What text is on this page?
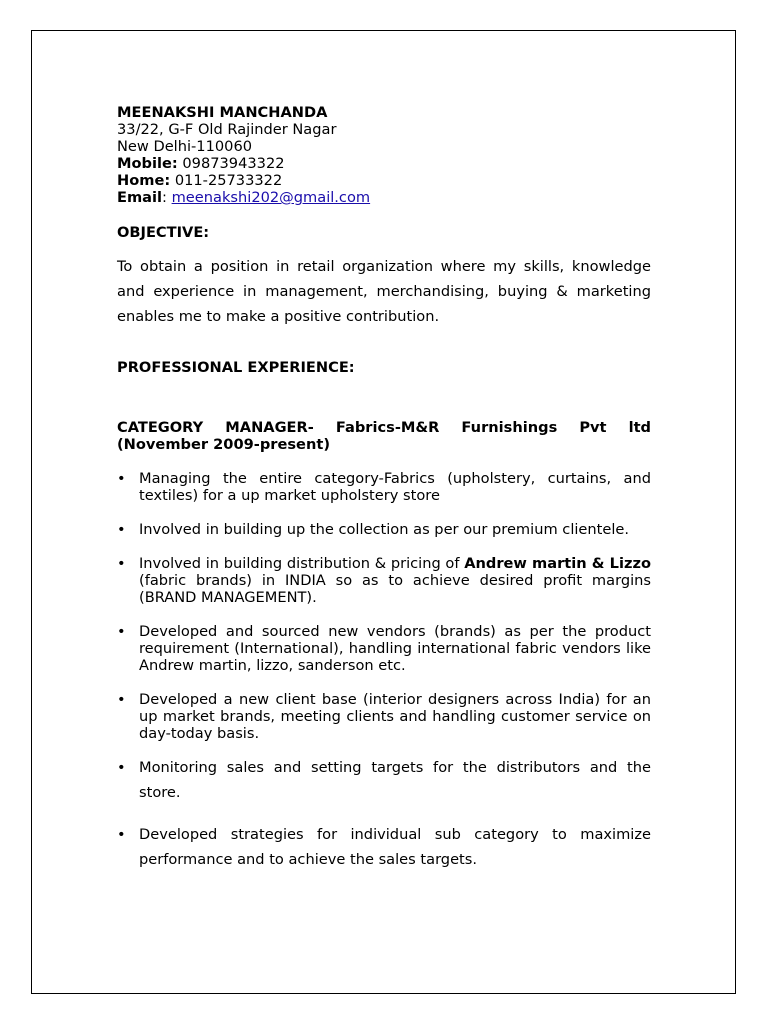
MEENAKSHI MANCHANDA

33/22, G-F Old Rajinder Nagar

New Delhi-110060

Mobile: 09873943322

Home: 011-25733322

Email: meenakshi202@gmail.com

OBJECTIVE:

To obtain a position in retail organization where my skills, knowledge and experience in management, merchandising, buying & marketing enables me to make a positive contribution.

PROFESSIONAL EXPERIENCE:

CATEGORY MANAGER- Fabrics-M&R Furnishings Pvt ltd (November 2009-present)

• Managing the entire category-Fabrics (upholstery, curtains, and textiles) for a up market upholstery store

• Involved in building up the collection as per our premium clientele.

• Involved in building distribution & pricing of Andrew martin & Lizzo (fabric brands) in INDIA so as to achieve desired profit margins (BRAND MANAGEMENT).

• Developed and sourced new vendors (brands) as per the product requirement (International), handling international fabric vendors like Andrew martin, lizzo, sanderson etc.

• Developed a new client base (interior designers across India) for an up market brands, meeting clients and handling customer service on day-today basis.

• Monitoring sales and setting targets for the distributors and the store.

• Developed strategies for individual sub category to maximize performance and to achieve the sales targets.
